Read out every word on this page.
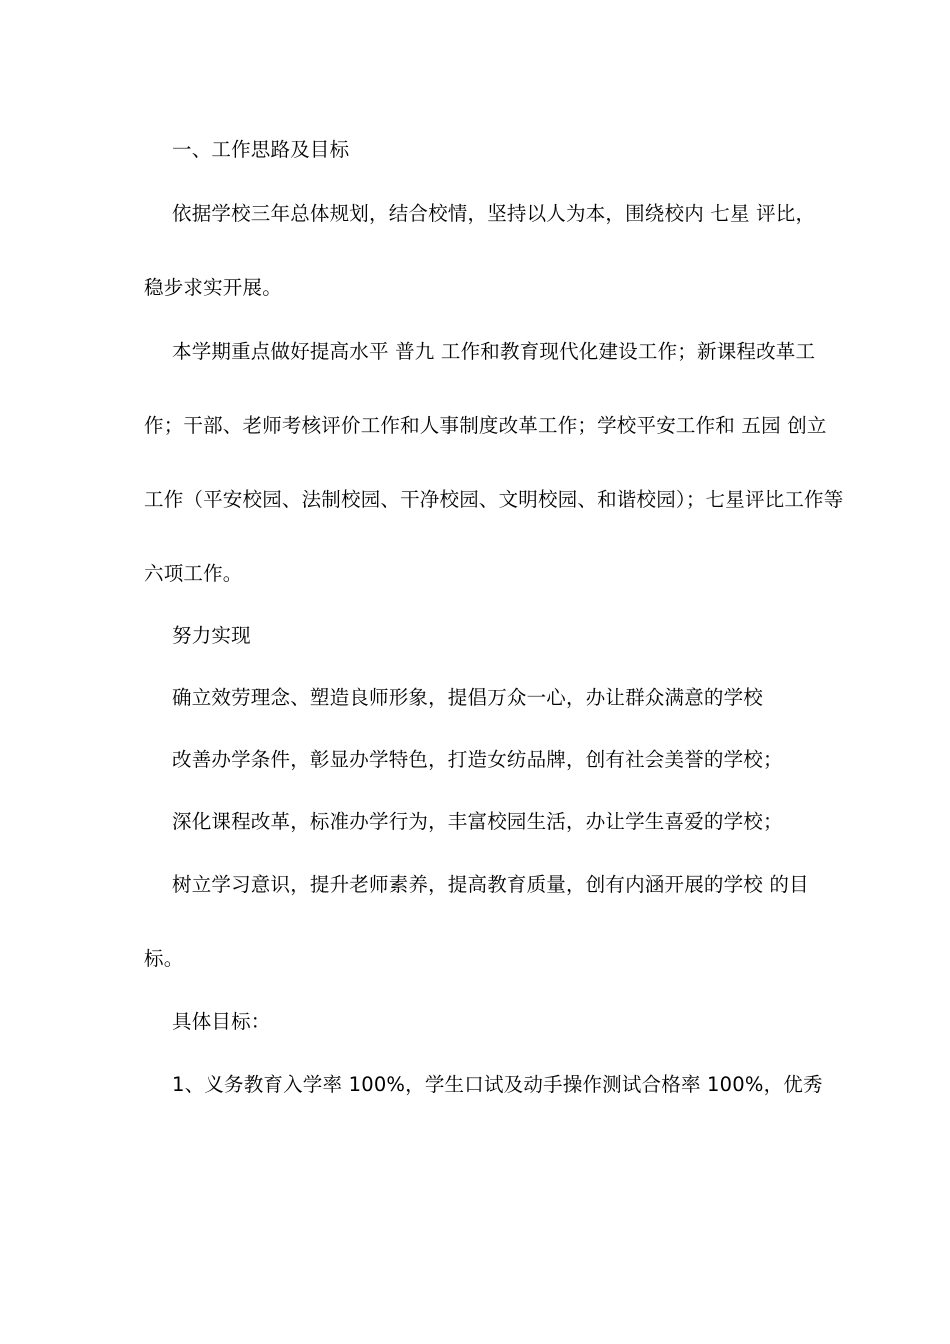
一、工作思路及目标
依据学校三年总体规划，结合校情，坚持以人为本，围绕校内 七星 评比，
稳步求实开展。
本学期重点做好提高水平 普九 工作和教育现代化建设工作；新课程改革工
作；干部、老师考核评价工作和人事制度改革工作；学校平安工作和 五园 创立
工作（平安校园、法制校园、干净校园、文明校园、和谐校园）；七星评比工作等
六项工作。
努力实现
确立效劳理念、塑造良师形象，提倡万众一心，办让群众满意的学校
改善办学条件，彰显办学特色，打造女纺品牌，创有社会美誉的学校；
深化课程改革，标准办学行为，丰富校园生活，办让学生喜爱的学校；
树立学习意识，提升老师素养，提高教育质量，创有内涵开展的学校 的目
标。
具体目标：
1、义务教育入学率 100%，学生口试及动手操作测试合格率 100%，优秀
